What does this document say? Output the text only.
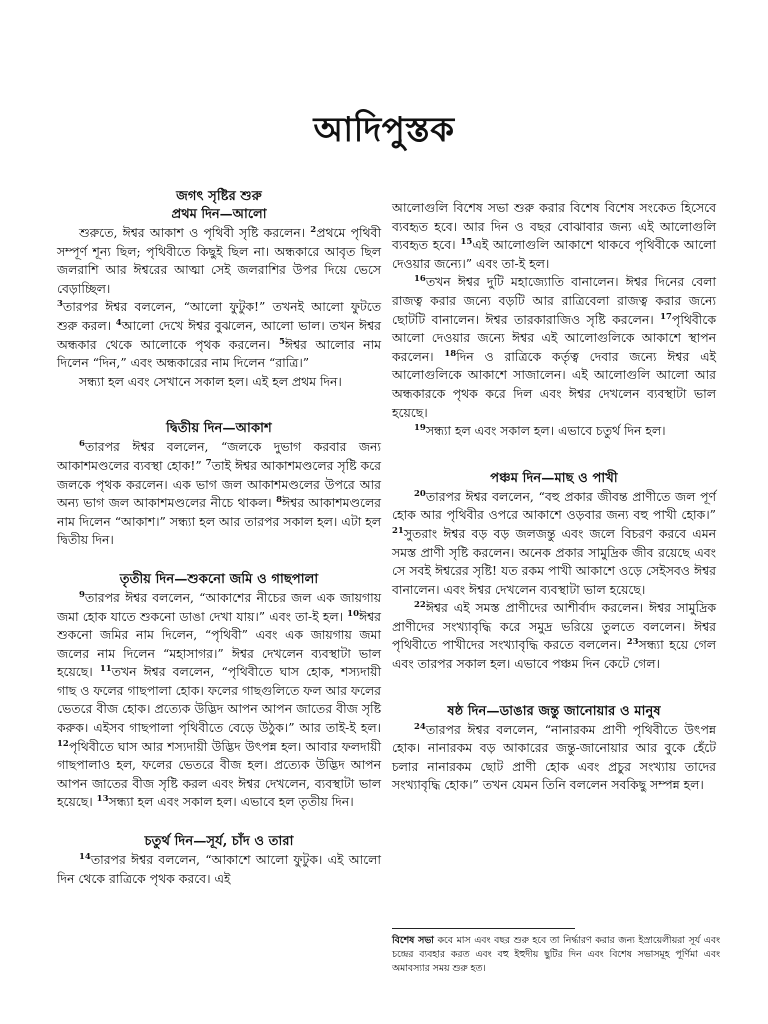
আদিপুস্তক

জগৎ সৃষ্টির শুরু

প্রথম দিন—আলো

শুরুতে, ঈশ্বর আকাশ ও পৃথিবী সৃষ্টি করলেন। $^2$প্রথমে পৃথিবী সম্পূর্ণ শূন্য ছিল; পৃথিবীতে কিছুই ছিল না। অন্ধকারে আবৃত ছিল জলরাশি আর ঈশ্বরের আত্মা সেই জলরাশির উপর দিয়ে ভেসে বেড়াচ্ছিল।

$^3$তারপর ঈশ্বর বললেন, “আলো ফুটুক!” তখনই আলো ফুটতে শুরু করল। $^4$আলো দেখে ঈশ্বর বুঝলেন, আলো ভাল। তখন ঈশ্বর অন্ধকার থেকে আলোকে পৃথক করলেন। $^5$ঈশ্বর আলোর নাম দিলেন “দিন,” এবং অন্ধকারের নাম দিলেন “রাত্রি।”

সন্ধ্যা হল এবং সেখানে সকাল হল। এই হল প্রথম দিন।

দ্বিতীয় দিন—আকাশ

$^6$তারপর ঈশ্বর বললেন, “জলকে দুভাগ করবার জন্য আকাশমণ্ডলের ব্যবস্থা হোক!” $^7$তাই ঈশ্বর আকাশমণ্ডলের সৃষ্টি করে জলকে পৃথক করলেন। এক ভাগ জল আকাশমণ্ডলের উপরে আর অন্য ভাগ জল আকাশমণ্ডলের নীচে থাকল। $^8$ঈশ্বর আকাশমণ্ডলের নাম দিলেন “আকাশ।” সন্ধ্যা হল আর তারপর সকাল হল। এটা হল দ্বিতীয় দিন।

তৃতীয় দিন—শুকনো জমি ও গাছপালা

$^9$তারপর ঈশ্বর বললেন, “আকাশের নীচের জল এক জায়গায় জমা হোক যাতে শুকনো ডাঙা দেখা যায়।” এবং তা-ই হল। $^{10}$ঈশ্বর শুকনো জমির নাম দিলেন, “পৃথিবী” এবং এক জায়গায় জমা জলের নাম দিলেন “মহাসাগর।” ঈশ্বর দেখলেন ব্যবস্থাটা ভাল হয়েছে। $^{11}$তখন ঈশ্বর বললেন, “পৃথিবীতে ঘাস হোক, শস্যদায়ী গাছ ও ফলের গাছপালা হোক। ফলের গাছগুলিতে ফল আর ফলের ভেতরে বীজ হোক। প্রত্যেক উদ্ভিদ আপন আপন জাতের বীজ সৃষ্টি করুক। এইসব গাছপালা পৃথিবীতে বেড়ে উঠুক।” আর তাই-ই হল। $^{12}$পৃথিবীতে ঘাস আর শস্যদায়ী উদ্ভিদ উৎপন্ন হল। আবার ফলদায়ী গাছপালাও হল, ফলের ভেতরে বীজ হল। প্রত্যেক উদ্ভিদ আপন আপন জাতের বীজ সৃষ্টি করল এবং ঈশ্বর দেখলেন, ব্যবস্থাটা ভাল হয়েছে। $^{13}$সন্ধ্যা হল এবং সকাল হল। এভাবে হল তৃতীয় দিন।

চতুর্থ দিন—সূর্য, চাঁদ ও তারা

$^{14}$তারপর ঈশ্বর বললেন, “আকাশে আলো ফুটুক। এই আলো দিন থেকে রাত্রিকে পৃথক করবে। এই

আলোগুলি বিশেষ সভা শুরু করার বিশেষ বিশেষ সংকেত হিসেবে ব্যবহৃত হবে। আর দিন ও বছর বোঝাবার জন্য এই আলোগুলি ব্যবহৃত হবে। $^{15}$এই আলোগুলি আকাশে থাকবে পৃথিবীকে আলো দেওয়ার জন্যে।” এবং তা-ই হল।

$^{16}$তখন ঈশ্বর দুটি মহাজ্যোতি বানালেন। ঈশ্বর দিনের বেলা রাজত্ব করার জন্যে বড়টি আর রাত্রিবেলা রাজত্ব করার জন্যে ছোটটি বানালেন। ঈশ্বর তারকারাজিও সৃষ্টি করলেন। $^{17}$পৃথিবীকে আলো দেওয়ার জন্যে ঈশ্বর এই আলোগুলিকে আকাশে স্থাপন করলেন। $^{18}$দিন ও রাত্রিকে কর্তৃত্ব দেবার জন্যে ঈশ্বর এই আলোগুলিকে আকাশে সাজালেন। এই আলোগুলি আলো আর অন্ধকারকে পৃথক করে দিল এবং ঈশ্বর দেখলেন ব্যবস্থাটা ভাল হয়েছে।

$^{19}$সন্ধ্যা হল এবং সকাল হল। এভাবে চতুর্থ দিন হল।

পঞ্চম দিন—মাছ ও পাখী

$^{20}$তারপর ঈশ্বর বললেন, “বহু প্রকার জীবন্ত প্রাণীতে জল পূর্ণ হোক আর পৃথিবীর ওপরে আকাশে ওড়বার জন্য বহু পাখী হোক।” $^{21}$সুতরাং ঈশ্বর বড় বড় জলজন্তু এবং জলে বিচরণ করবে এমন সমস্ত প্রাণী সৃষ্টি করলেন। অনেক প্রকার সামুদ্রিক জীব রয়েছে এবং সে সবই ঈশ্বরের সৃষ্টি! যত রকম পাখী আকাশে ওড়ে সেইসবও ঈশ্বর বানালেন। এবং ঈশ্বর দেখলেন ব্যবস্থাটা ভাল হয়েছে।

$^{22}$ঈশ্বর এই সমস্ত প্রাণীদের আশীর্বাদ করলেন। ঈশ্বর সামুদ্রিক প্রাণীদের সংখ্যাবৃদ্ধি করে সমুদ্র ভরিয়ে তুলতে বললেন। ঈশ্বর পৃথিবীতে পাখীদের সংখ্যাবৃদ্ধি করতে বললেন। $^{23}$সন্ধ্যা হয়ে গেল এবং তারপর সকাল হল। এভাবে পঞ্চম দিন কেটে গেল।

ষষ্ঠ দিন—ডাঙার জন্তু জানোয়ার ও মানুষ

$^{24}$তারপর ঈশ্বর বললেন, “নানারকম প্রাণী পৃথিবীতে উৎপন্ন হোক। নানারকম বড় আকারের জন্তু-জানোয়ার আর বুকে হেঁটে চলার নানারকম ছোট প্রাণী হোক এবং প্রচুর সংখ্যায় তাদের সংখ্যাবৃদ্ধি হোক।” তখন যেমন তিনি বললেন সবকিছু সম্পন্ন হল।

বিশেষ সভা কবে মাস এবং বছর শুরু হবে তা নির্দ্ধারণ করার জন্য ইস্রায়েলীয়রা সূর্য এবং চন্দ্রের ব্যবহার করত এবং বহু ইহুদীয় ছুটির দিন এবং বিশেষ সভাসমূহ পূর্ণিমা এবং অমাবস্যার সময় শুরু হত।
